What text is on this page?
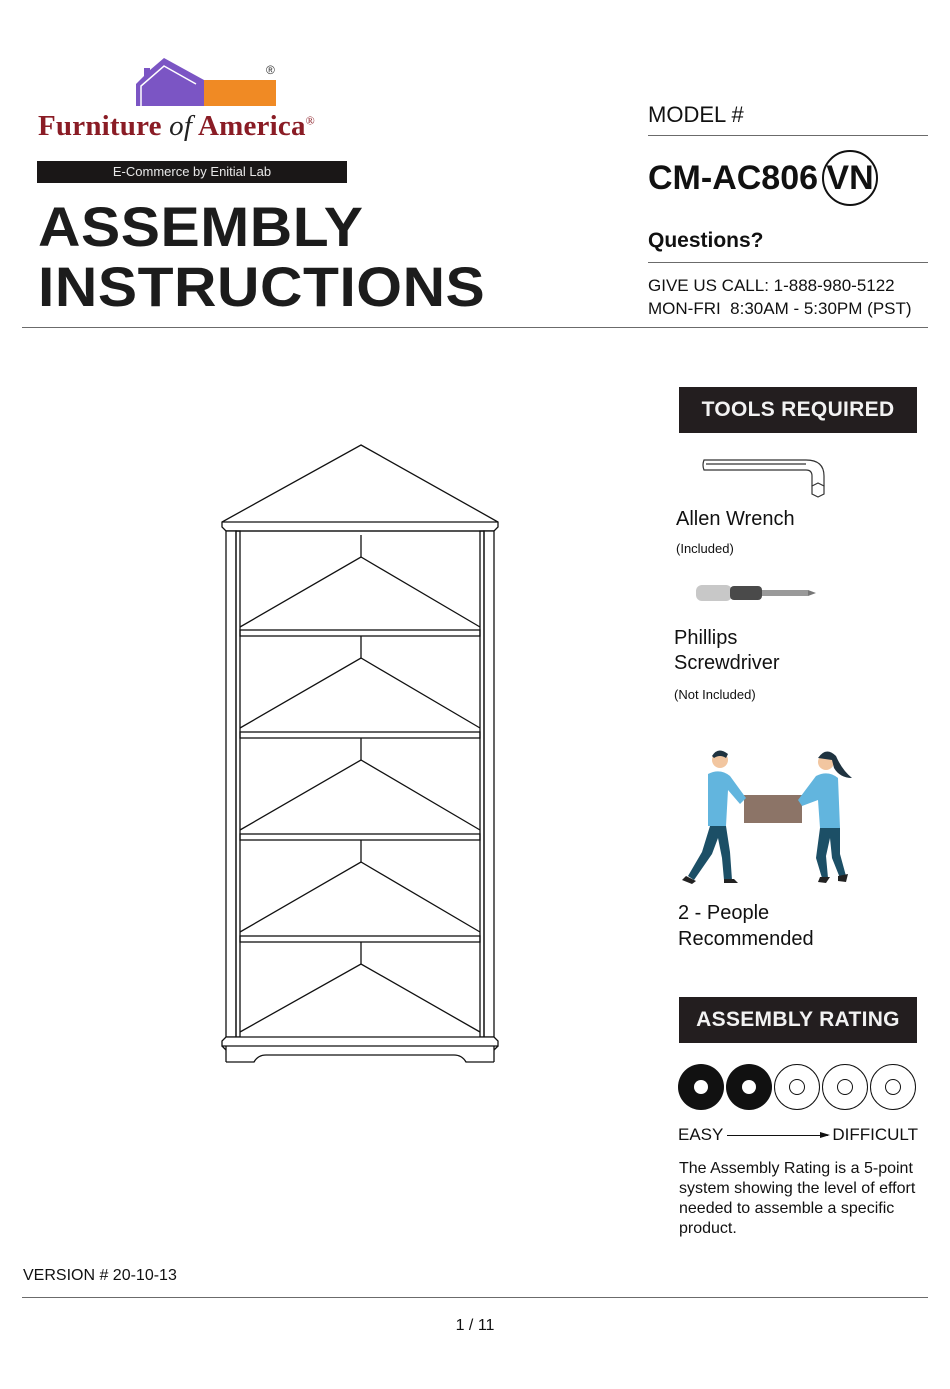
®
Furniture of America®
E-Commerce by Enitial Lab
ASSEMBLY
INSTRUCTIONS
MODEL #
CM-AC806 VN
Questions?
GIVE US CALL: 1-888-980-5122
MON-FRI  8:30AM - 5:30PM (PST)
TOOLS REQUIRED
Allen Wrench
(Included)
Phillips
Screwdriver
(Not Included)
2 - People
Recommended
ASSEMBLY RATING
EASY	DIFFICULT
The Assembly Rating is a 5-point system showing the level of effort needed to assemble a specific product.
VERSION # 20-10-13
1 / 11
